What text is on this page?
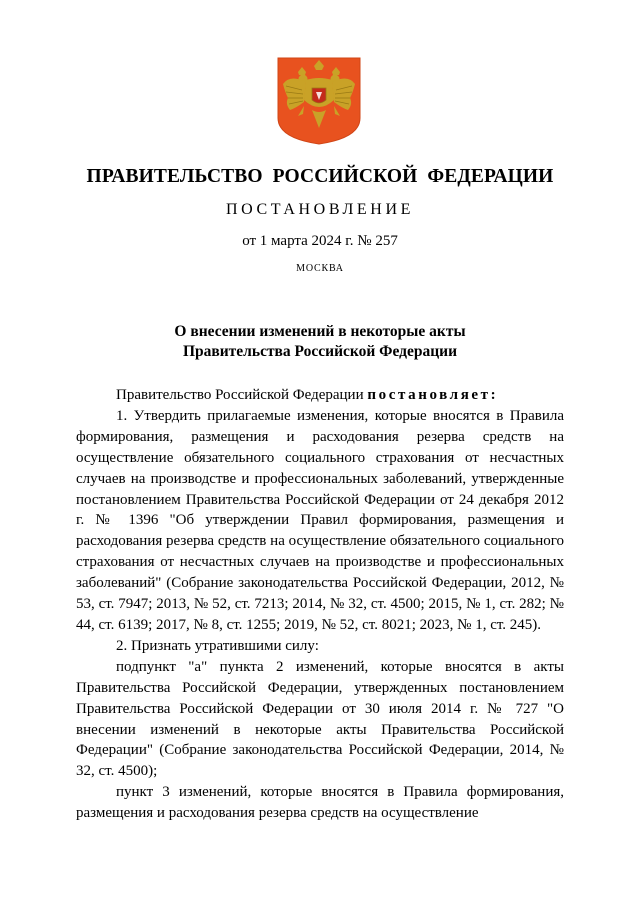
ПРАВИТЕЛЬСТВО РОССИЙСКОЙ ФЕДЕРАЦИИ
ПОСТАНОВЛЕНИЕ
от 1 марта 2024 г. № 257
МОСКВА
О внесении изменений в некоторые акты
Правительства Российской Федерации

Правительство Российской Федерации постановляет:

1. Утвердить прилагаемые изменения, которые вносятся в Правила формирования, размещения и расходования резерва средств на осуществление обязательного социального страхования от несчастных случаев на производстве и профессиональных заболеваний, утвержденные постановлением Правительства Российской Федерации от 24 декабря 2012 г. № 1396 "Об утверждении Правил формирования, размещения и расходования резерва средств на осуществление обязательного социального страхования от несчастных случаев на производстве и профессиональных заболеваний" (Собрание законодательства Российской Федерации, 2012, № 53, ст. 7947; 2013, № 52, ст. 7213; 2014, № 32, ст. 4500; 2015, № 1, ст. 282; № 44, ст. 6139; 2017, № 8, ст. 1255; 2019, № 52, ст. 8021; 2023, № 1, ст. 245).

2. Признать утратившими силу:

подпункт "а" пункта 2 изменений, которые вносятся в акты Правительства Российской Федерации, утвержденных постановлением Правительства Российской Федерации от 30 июля 2014 г. № 727 "О внесении изменений в некоторые акты Правительства Российской Федерации" (Собрание законодательства Российской Федерации, 2014, № 32, ст. 4500);

пункт 3 изменений, которые вносятся в Правила формирования, размещения и расходования резерва средств на осуществление
